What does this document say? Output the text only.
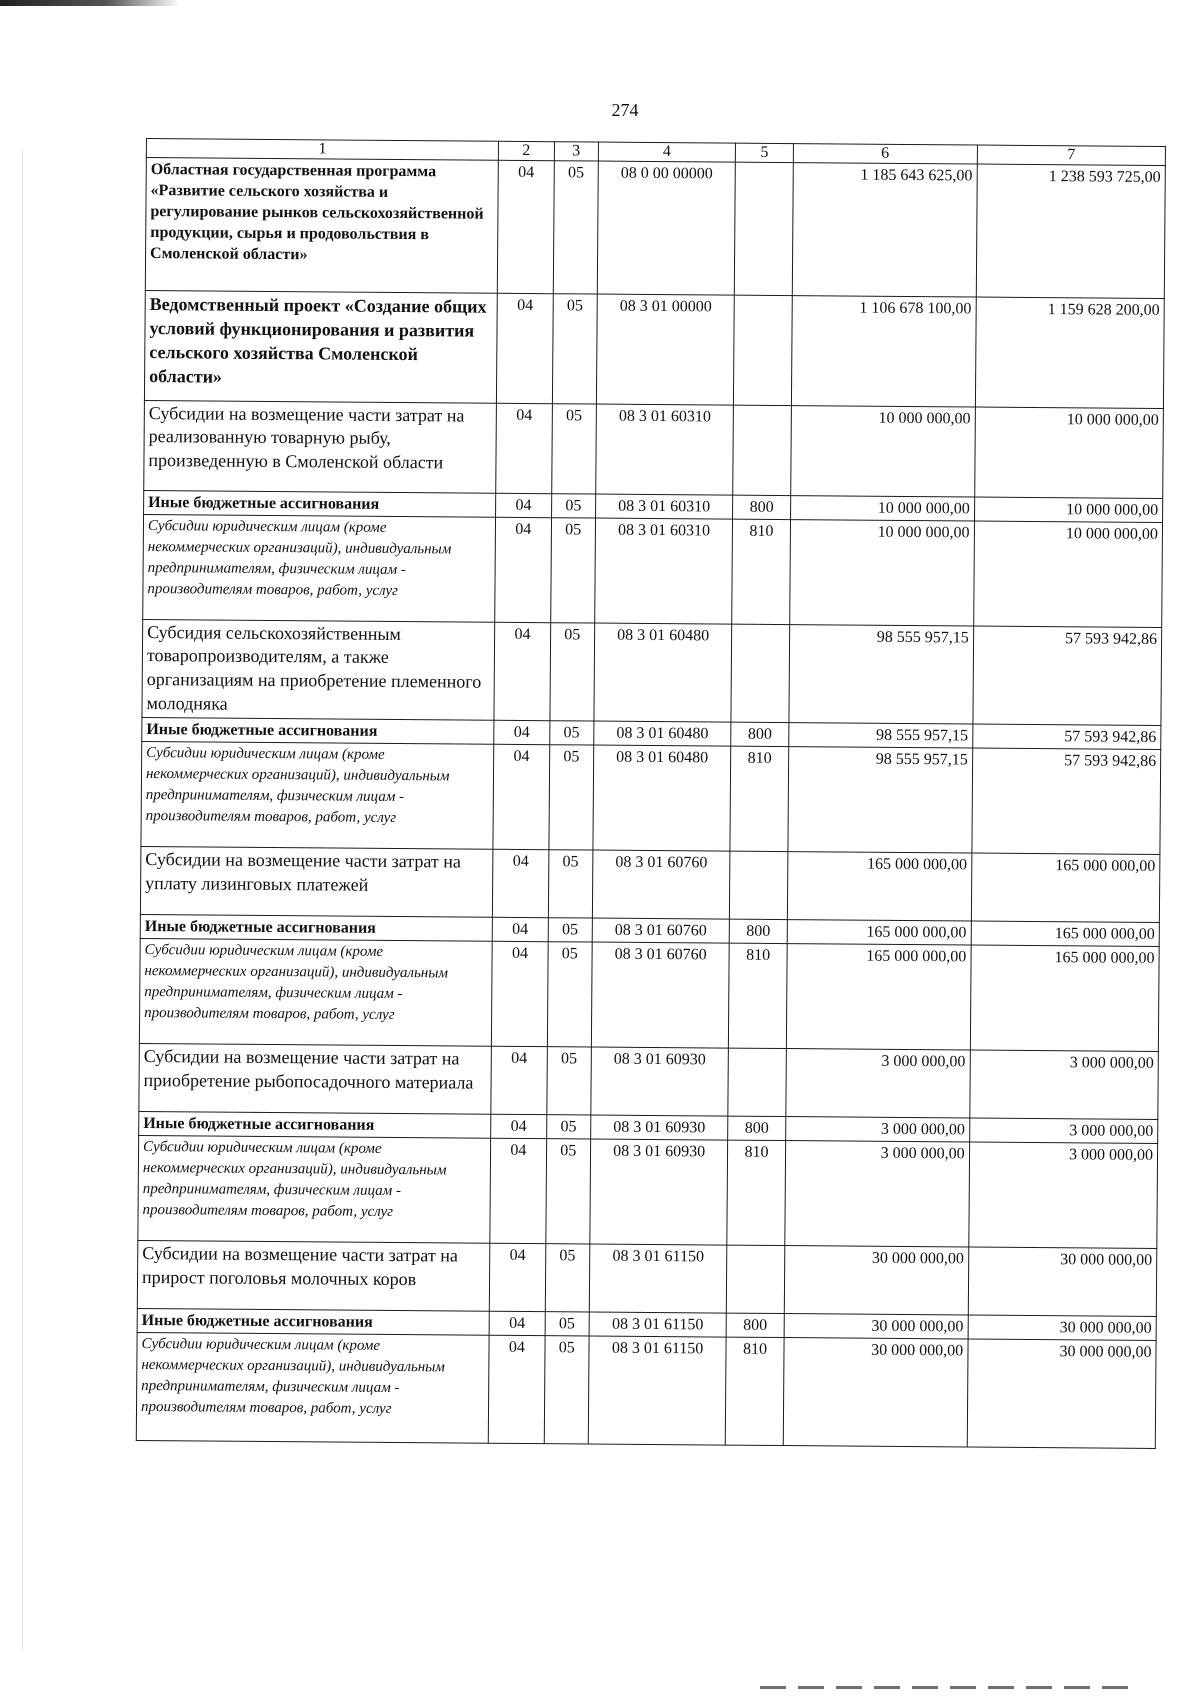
274
1	2	3	4	5	6	7
Областная государственная программа «Развитие сельского хозяйства и регулирование рынков сельскохозяйственной продукции, сырья и продовольствия в Смоленской области»	04	05	08 0 00 00000		1 185 643 625,00	1 238 593 725,00
Ведомственный проект «Создание общих условий функционирования и развития сельского хозяйства Смоленской области»	04	05	08 3 01 00000		1 106 678 100,00	1 159 628 200,00
Субсидии на возмещение части затрат на реализованную товарную рыбу, произведенную в Смоленской области	04	05	08 3 01 60310		10 000 000,00	10 000 000,00
Иные бюджетные ассигнования	04	05	08 3 01 60310	800	10 000 000,00	10 000 000,00
Субсидии юридическим лицам (кроме некоммерческих организаций), индивидуальным предпринимателям, физическим лицам - производителям товаров, работ, услуг	04	05	08 3 01 60310	810	10 000 000,00	10 000 000,00
Субсидия сельскохозяйственным товаропроизводителям, а также организациям на приобретение племенного молодняка	04	05	08 3 01 60480		98 555 957,15	57 593 942,86
Иные бюджетные ассигнования	04	05	08 3 01 60480	800	98 555 957,15	57 593 942,86
Субсидии юридическим лицам (кроме некоммерческих организаций), индивидуальным предпринимателям, физическим лицам - производителям товаров, работ, услуг	04	05	08 3 01 60480	810	98 555 957,15	57 593 942,86
Субсидии на возмещение части затрат на уплату лизинговых платежей	04	05	08 3 01 60760		165 000 000,00	165 000 000,00
Иные бюджетные ассигнования	04	05	08 3 01 60760	800	165 000 000,00	165 000 000,00
Субсидии юридическим лицам (кроме некоммерческих организаций), индивидуальным предпринимателям, физическим лицам - производителям товаров, работ, услуг	04	05	08 3 01 60760	810	165 000 000,00	165 000 000,00
Субсидии на возмещение части затрат на приобретение рыбопосадочного материала	04	05	08 3 01 60930		3 000 000,00	3 000 000,00
Иные бюджетные ассигнования	04	05	08 3 01 60930	800	3 000 000,00	3 000 000,00
Субсидии юридическим лицам (кроме некоммерческих организаций), индивидуальным предпринимателям, физическим лицам - производителям товаров, работ, услуг	04	05	08 3 01 60930	810	3 000 000,00	3 000 000,00
Субсидии на возмещение части затрат на прирост поголовья молочных коров	04	05	08 3 01 61150		30 000 000,00	30 000 000,00
Иные бюджетные ассигнования	04	05	08 3 01 61150	800	30 000 000,00	30 000 000,00
Субсидии юридическим лицам (кроме некоммерческих организаций), индивидуальным предпринимателям, физическим лицам - производителям товаров, работ, услуг	04	05	08 3 01 61150	810	30 000 000,00	30 000 000,00
